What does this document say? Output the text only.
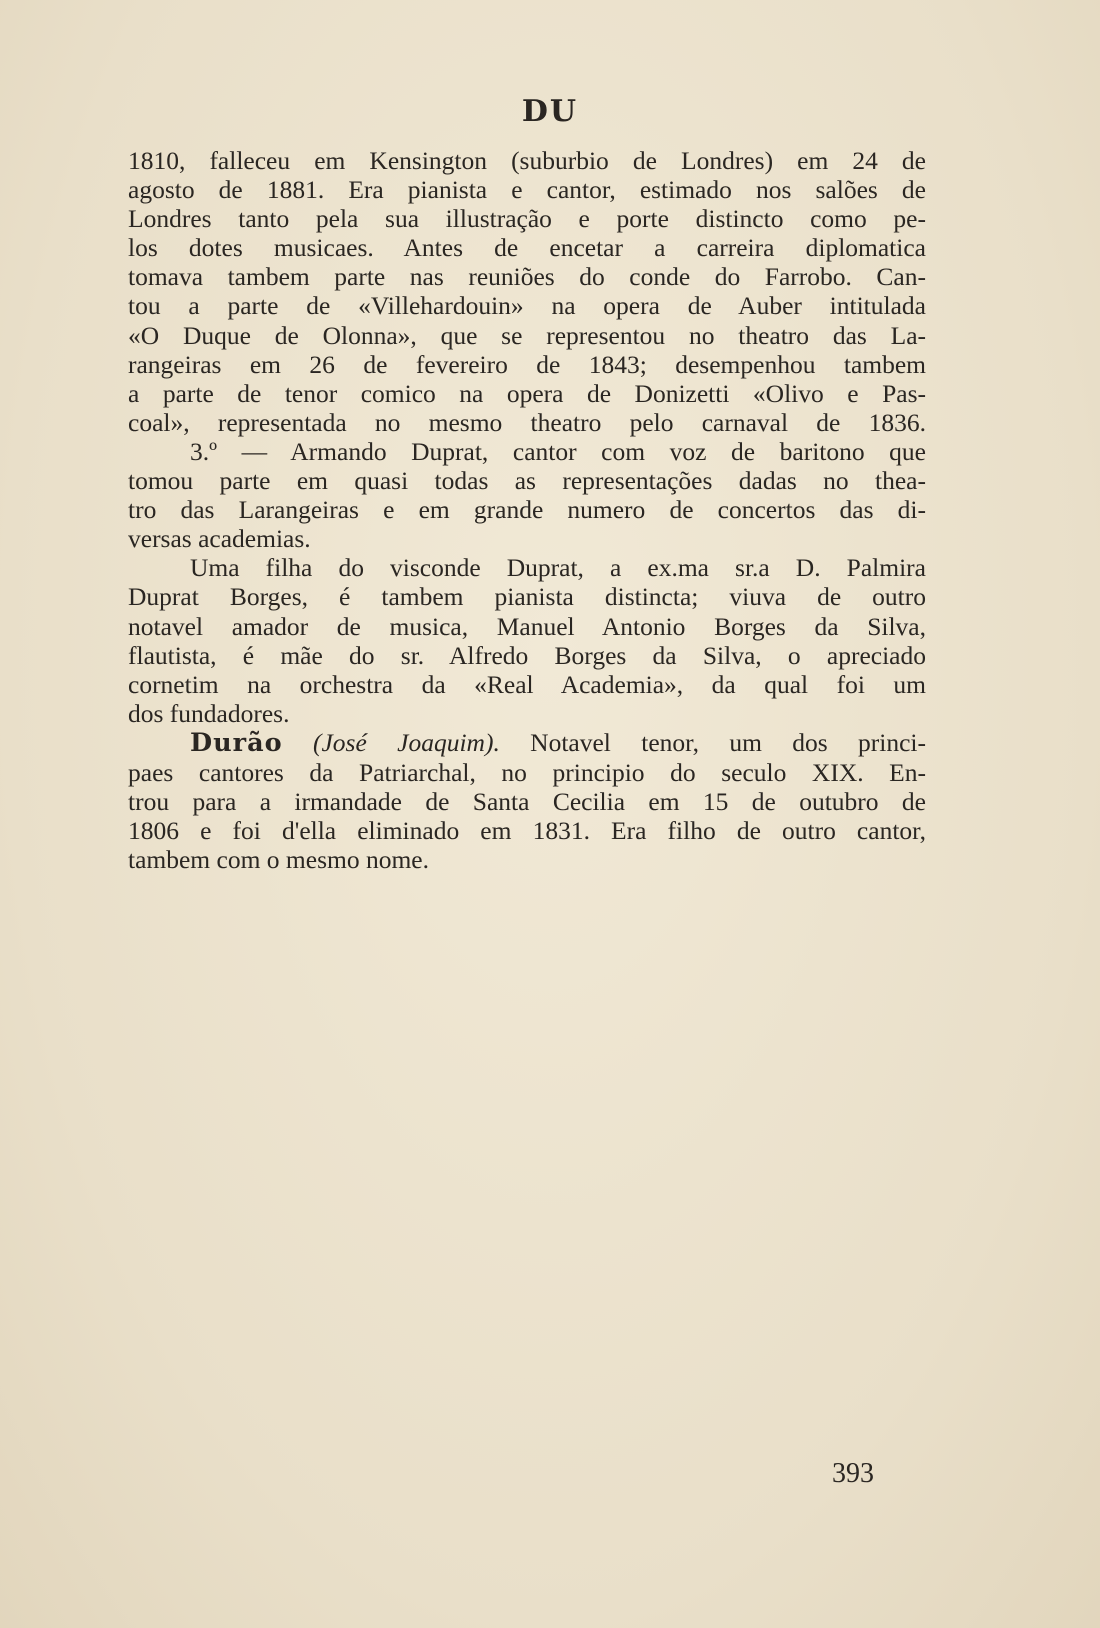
DU
1810, falleceu em Kensington (suburbio de Londres) em 24 de
agosto de 1881. Era pianista e cantor, estimado nos salões de
Londres tanto pela sua illustração e porte distincto como pe-
los dotes musicaes. Antes de encetar a carreira diplomatica
tomava tambem parte nas reuniões do conde do Farrobo. Can-
tou a parte de «Villehardouin» na opera de Auber intitulada
«O Duque de Olonna», que se representou no theatro das La-
rangeiras em 26 de fevereiro de 1843; desempenhou tambem
a parte de tenor comico na opera de Donizetti «Olivo e Pas-
coal», representada no mesmo theatro pelo carnaval de 1836.
3.º — Armando Duprat, cantor com voz de baritono que
tomou parte em quasi todas as representações dadas no thea-
tro das Larangeiras e em grande numero de concertos das di-
versas academias.
Uma filha do visconde Duprat, a ex.ma sr.a D. Palmira
Duprat Borges, é tambem pianista distincta; viuva de outro
notavel amador de musica, Manuel Antonio Borges da Silva,
flautista, é mãe do sr. Alfredo Borges da Silva, o apreciado
cornetim na orchestra da «Real Academia», da qual foi um
dos fundadores.
Durão (José Joaquim). Notavel tenor, um dos princi-
paes cantores da Patriarchal, no principio do seculo XIX. En-
trou para a irmandade de Santa Cecilia em 15 de outubro de
1806 e foi d'ella eliminado em 1831. Era filho de outro cantor,
tambem com o mesmo nome.
393
